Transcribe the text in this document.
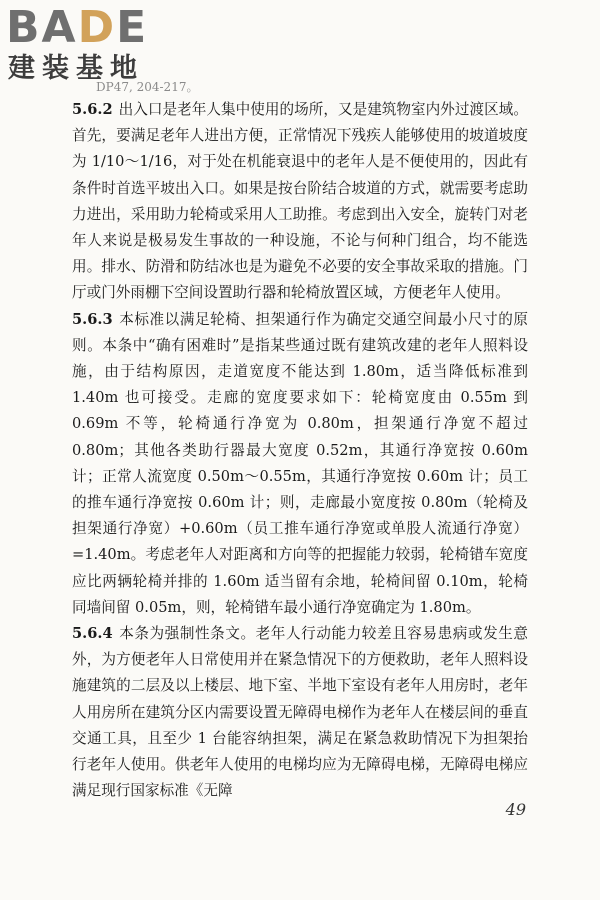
BADE
建装基地
DP47, 204-217。

5.6.2 出入口是老年人集中使用的场所，又是建筑物室内外过渡区域。首先，要满足老年人进出方便，正常情况下残疾人能够使用的坡道坡度为 1/10～1/16，对于处在机能衰退中的老年人是不便使用的，因此有条件时首选平坡出入口。如果是按台阶结合坡道的方式，就需要考虑助力进出，采用助力轮椅或采用人工助推。考虑到出入安全，旋转门对老年人来说是极易发生事故的一种设施，不论与何种门组合，均不能选用。排水、防滑和防结冰也是为避免不必要的安全事故采取的措施。门厅或门外雨棚下空间设置助行器和轮椅放置区域，方便老年人使用。

5.6.3 本标准以满足轮椅、担架通行作为确定交通空间最小尺寸的原则。本条中“确有困难时”是指某些通过既有建筑改建的老年人照料设施，由于结构原因，走道宽度不能达到 1.80m，适当降低标准到 1.40m 也可接受。走廊的宽度要求如下：轮椅宽度由 0.55m 到 0.69m 不等，轮椅通行净宽为 0.80m，担架通行净宽不超过 0.80m；其他各类助行器最大宽度 0.52m，其通行净宽按 0.60m 计；正常人流宽度 0.50m～0.55m，其通行净宽按 0.60m 计；员工的推车通行净宽按 0.60m 计；则，走廊最小宽度按 0.80m（轮椅及担架通行净宽）+0.60m（员工推车通行净宽或单股人流通行净宽）=1.40m。考虑老年人对距离和方向等的把握能力较弱，轮椅错车宽度应比两辆轮椅并排的 1.60m 适当留有余地，轮椅间留 0.10m，轮椅同墙间留 0.05m，则，轮椅错车最小通行净宽确定为 1.80m。

5.6.4 本条为强制性条文。老年人行动能力较差且容易患病或发生意外，为方便老年人日常使用并在紧急情况下的方便救助，老年人照料设施建筑的二层及以上楼层、地下室、半地下室设有老年人用房时，老年人用房所在建筑分区内需要设置无障碍电梯作为老年人在楼层间的垂直交通工具，且至少 1 台能容纳担架，满足在紧急救助情况下为担架抬行老年人使用。供老年人使用的电梯均应为无障碍电梯，无障碍电梯应满足现行国家标准《无障

49
